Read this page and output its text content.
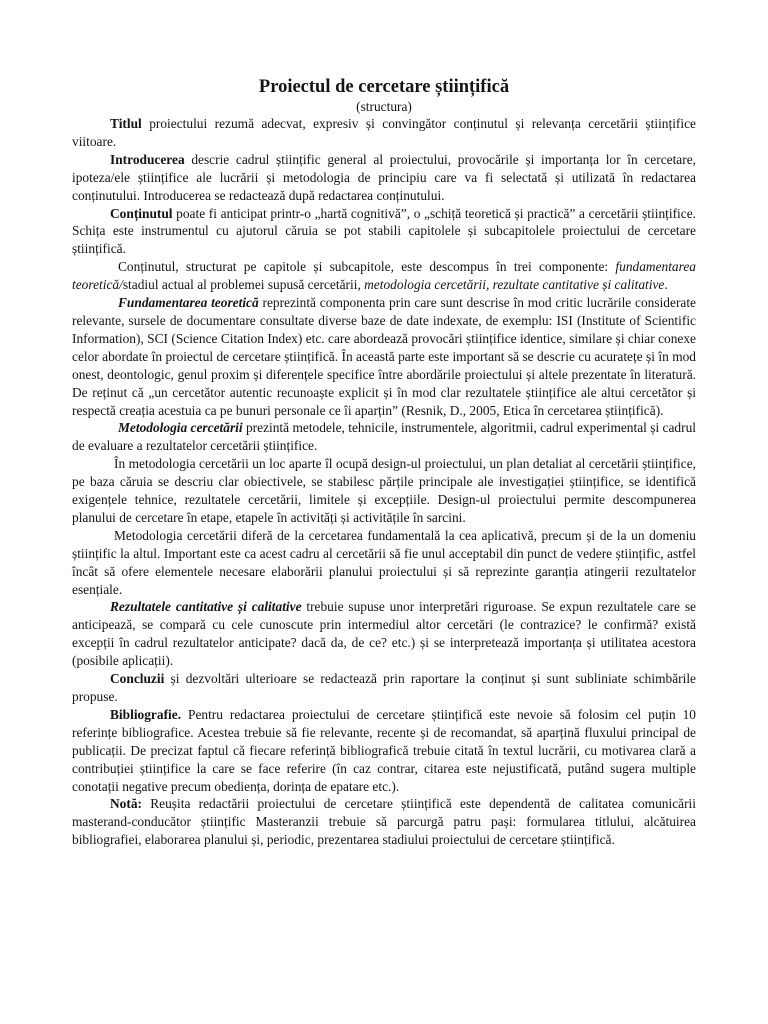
Proiectul de cercetare științifică

(structura)

Titlul proiectului rezumă adecvat, expresiv și convingător conținutul și relevanța cercetării științifice viitoare.

Introducerea descrie cadrul științific general al proiectului, provocările și importanța lor în cercetare, ipoteza/ele științifice ale lucrării și metodologia de principiu care va fi selectată și utilizată în redactarea conținutului. Introducerea se redactează după redactarea conținutului.

Conținutul poate fi anticipat printr-o „hartă cognitivă”, o „schiță teoretică și practică” a cercetării științifice. Schița este instrumentul cu ajutorul căruia se pot stabili capitolele și subcapitolele proiectului de cercetare științifică.

Conținutul, structurat pe capitole și subcapitole, este descompus în trei componente: fundamentarea teoretică/stadiul actual al problemei supusă cercetării, metodologia cercetării, rezultate cantitative și calitative.

Fundamentarea teoretică reprezintă componenta prin care sunt descrise în mod critic lucrările considerate relevante, sursele de documentare consultate diverse baze de date indexate, de exemplu: ISI (Institute of Scientific Information), SCI (Science Citation Index) etc. care abordează provocări științifice identice, similare și chiar conexe celor abordate în proiectul de cercetare științifică. În această parte este important să se descrie cu acuratețe și în mod onest, deontologic, genul proxim și diferențele specifice între abordările proiectului și altele prezentate în literatură. De reținut că „un cercetător autentic recunoaște explicit și în mod clar rezultatele științifice ale altui cercetător și respectă creația acestuia ca pe bunuri personale ce îi aparțin” (Resnik, D., 2005, Etica în cercetarea științifică).

Metodologia cercetării prezintă metodele, tehnicile, instrumentele, algoritmii, cadrul experimental și cadrul de evaluare a rezultatelor cercetării științifice.

În metodologia cercetării un loc aparte îl ocupă design-ul proiectului, un plan detaliat al cercetării științifice, pe baza căruia se descriu clar obiectivele, se stabilesc părțile principale ale investigației științifice, se identifică exigențele tehnice, rezultatele cercetării, limitele și excepțiile. Design-ul proiectului permite descompunerea planului de cercetare în etape, etapele în activități și activitățile în sarcini.

Metodologia cercetării diferă de la cercetarea fundamentală la cea aplicativă, precum și de la un domeniu științific la altul. Important este ca acest cadru al cercetării să fie unul acceptabil din punct de vedere științific, astfel încât să ofere elementele necesare elaborării planului proiectului și să reprezinte garanția atingerii rezultatelor esențiale.

Rezultatele cantitative și calitative trebuie supuse unor interpretări riguroase. Se expun rezultatele care se anticipează, se compară cu cele cunoscute prin intermediul altor cercetări (le contrazice? le confirmă? există excepții în cadrul rezultatelor anticipate? dacă da, de ce? etc.) și se interpretează importanța și utilitatea acestora (posibile aplicații).

Concluzii și dezvoltări ulterioare se redactează prin raportare la conținut și sunt subliniate schimbările propuse.

Bibliografie. Pentru redactarea proiectului de cercetare științifică este nevoie să folosim cel puțin 10 referințe bibliografice. Acestea trebuie să fie relevante, recente și de recomandat, să aparțină fluxului principal de publicații. De precizat faptul că fiecare referință bibliografică trebuie citată în textul lucrării, cu motivarea clară a contribuției științifice la care se face referire (în caz contrar, citarea este nejustificată, putând sugera multiple conotații negative precum obediența, dorința de epatare etc.).

Notă: Reușita redactării proiectului de cercetare științifică este dependentă de calitatea comunicării masterand-conducător științific Masteranzii trebuie să parcurgă patru pași: formularea titlului, alcătuirea bibliografiei, elaborarea planului și, periodic, prezentarea stadiului proiectului de cercetare științifică.
